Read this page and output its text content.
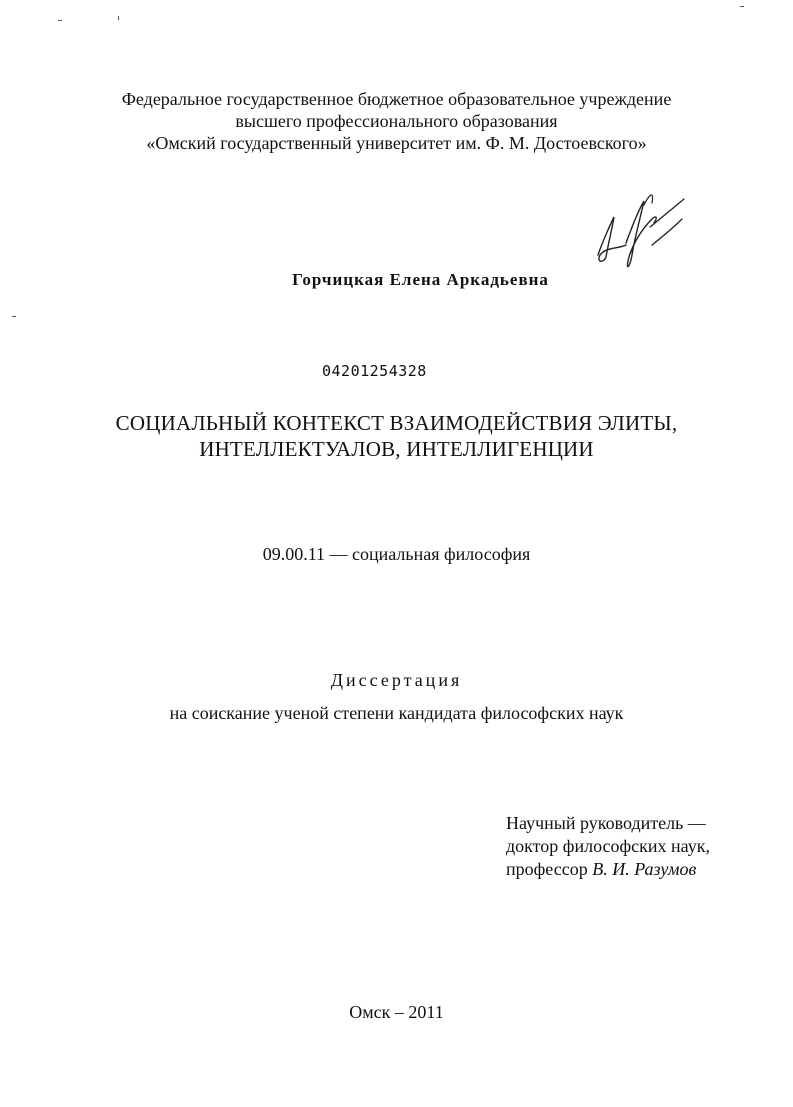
Федеральное государственное бюджетное образовательное учреждение
высшего профессионального образования
«Омский государственный университет им. Ф. М. Достоевского»
Горчицкая Елена Аркадьевна
04201254328
СОЦИАЛЬНЫЙ КОНТЕКСТ ВЗАИМОДЕЙСТВИЯ ЭЛИТЫ,
ИНТЕЛЛЕКТУАЛОВ, ИНТЕЛЛИГЕНЦИИ
09.00.11 — социальная философия
Диссертация
на соискание ученой степени кандидата философских наук
Научный руководитель —
доктор философских наук,
профессор В. И. Разумов
Омск – 2011
